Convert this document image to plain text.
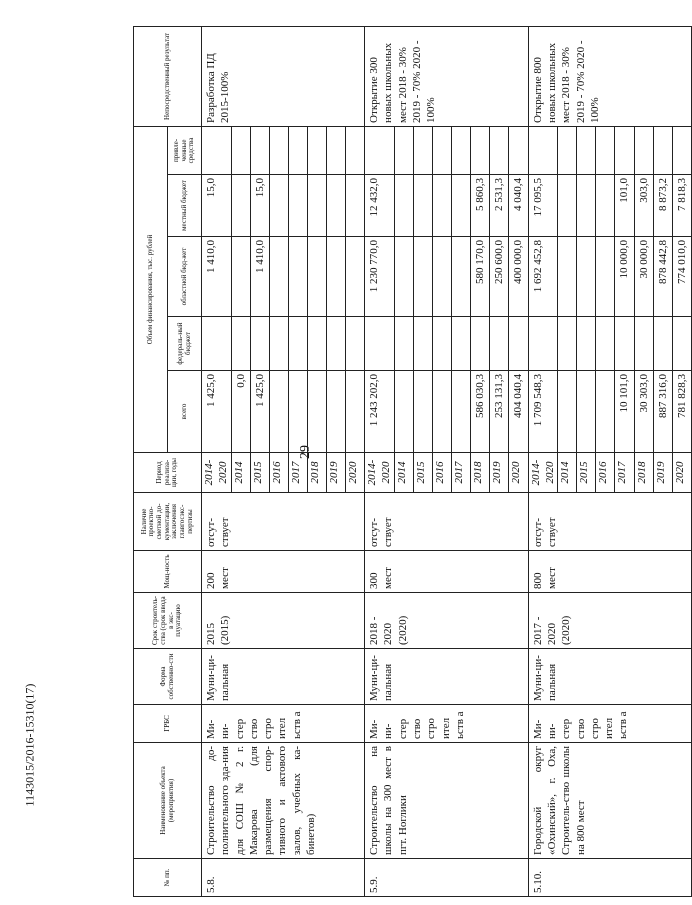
29
1143015/2016-15310(17)
№ пп.	Наименование объекта (мероприятия)	ГРБС	Форма собственно-сти	Срок строитель-ства (срок ввода в экс-плуатацию	Мощ-ность	Наличие проектно-сметной до-кументации, заключения главгосэкс-пертизы	Период реализа-ции, годы	Объем финансирования, тыс. рублей					Непосредственный результат
								всего	федераль-ный бюджет	областной бюд-жет	местный бюджет	привле-ченные средства	
5.8.	Строительство до-полнительного зда-ния для СОШ № 2 г. Макарова (для размещения спор-тивного и актового залов, учебных ка-бинетов)	Ми-ни-стер ство стро ител ьств а	Муни-ци-пальная	2015 (2015)	200 мест	отсут-ствует	2014-2020	1 425,0		1 410,0	15,0		Разработка ПД 2015-100%
							2014	0,0					
							2015	1 425,0		1 410,0	15,0		
							2016						
							2017						
							2018						
							2019						
							2020						
5.9.	Строительство на школы на 300 мест в пгт. Ноглики	Ми-ни-стер ство стро ител ьств а	Муни-ци-пальная	2018 - 2020 (2020)	300 мест	отсут-ствует	2014-2020	1 243 202,0		1 230 770,0	12 432,0		Открытие 300 новых школьных мест 2018 - 30% 2019 - 70% 2020 - 100%
							2014						
							2015						
							2016						
							2017						
							2018	586 030,3		580 170,0	5 860,3		
							2019	253 131,3		250 600,0	2 531,3		
							2020	404 040,4		400 000,0	4 040,4		
5.10.	Городской округ «Охинский», г. Оха, Строитель-ство школы на 800 мест	Ми-ни-стер ство стро ител ьств а	Муни-ци-пальная	2017 - 2020 (2020)	800 мест	отсут-ствует	2014-2020	1 709 548,3		1 692 452,8	17 095,5		Открытие 800 новых школьных мест 2018 - 30% 2019 - 70% 2020 - 100%
							2014						
							2015						
							2016						
							2017	10 101,0		10 000,0	101,0		
							2018	30 303,0		30 000,0	303,0		
							2019	887 316,0		878 442,8	8 873,2		
							2020	781 828,3		774 010,0	7 818,3		
